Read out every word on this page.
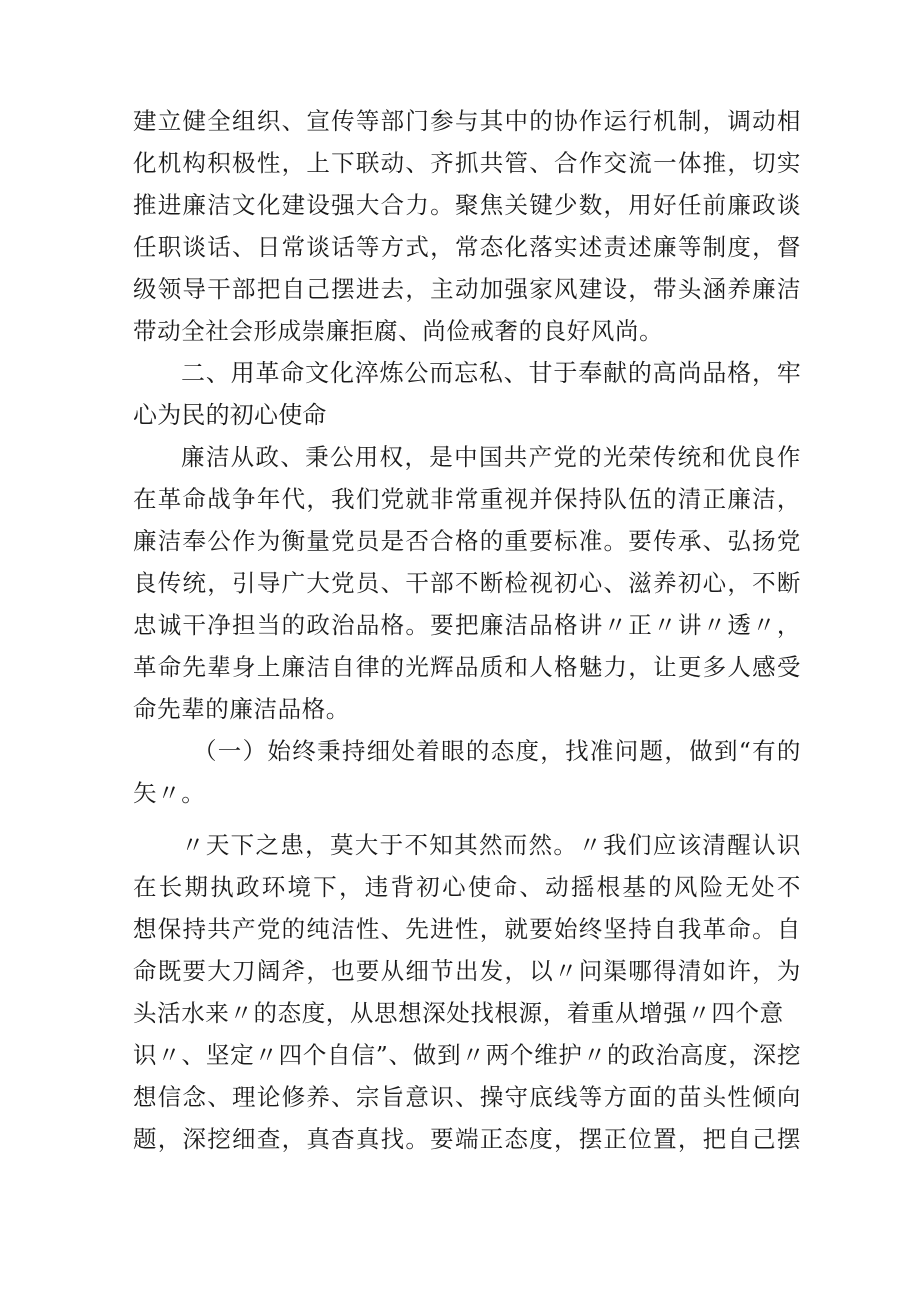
建立健全组织、宣传等部门参与其中的协作运行机制，调动相
化机构积极性，上下联动、齐抓共管、合作交流一体推，切实
推进廉洁文化建设强大合力。聚焦关键少数，用好任前廉政谈
任职谈话、日常谈话等方式，常态化落实述责述廉等制度，督
级领导干部把自己摆进去，主动加强家风建设，带头涵养廉洁
带动全社会形成崇廉拒腐、尚俭戒奢的良好风尚。
二、用革命文化淬炼公而忘私、甘于奉献的高尚品格，牢
心为民的初心使命
廉洁从政、秉公用权，是中国共产党的光荣传统和优良作
在革命战争年代，我们党就非常重视并保持队伍的清正廉洁，
廉洁奉公作为衡量党员是否合格的重要标准。要传承、弘扬党
良传统，引导广大党员、干部不断检视初心、滋养初心，不断
忠诚干净担当的政治品格。要把廉洁品格讲〃正〃讲〃透〃，
革命先辈身上廉洁自律的光辉品质和人格魅力，让更多人感受
命先辈的廉洁品格。
（一）始终秉持细处着眼的态度，找准问题，做到“有的
矢〃。
〃天下之患，莫大于不知其然而然。〃我们应该清醒认识
在长期执政环境下，违背初心使命、动摇根基的风险无处不
想保持共产党的纯洁性、先进性，就要始终坚持自我革命。自
命既要大刀阔斧，也要从细节出发，以〃问渠哪得清如许，为
头活水来〃的态度，从思想深处找根源，着重从增强〃四个意
识〃、坚定〃四个自信”、做到〃两个维护〃的政治高度，深挖
想信念、理论修养、宗旨意识、操守底线等方面的苗头性倾向
题，深挖细查，真杳真找。要端正态度，摆正位置，把自己摆
